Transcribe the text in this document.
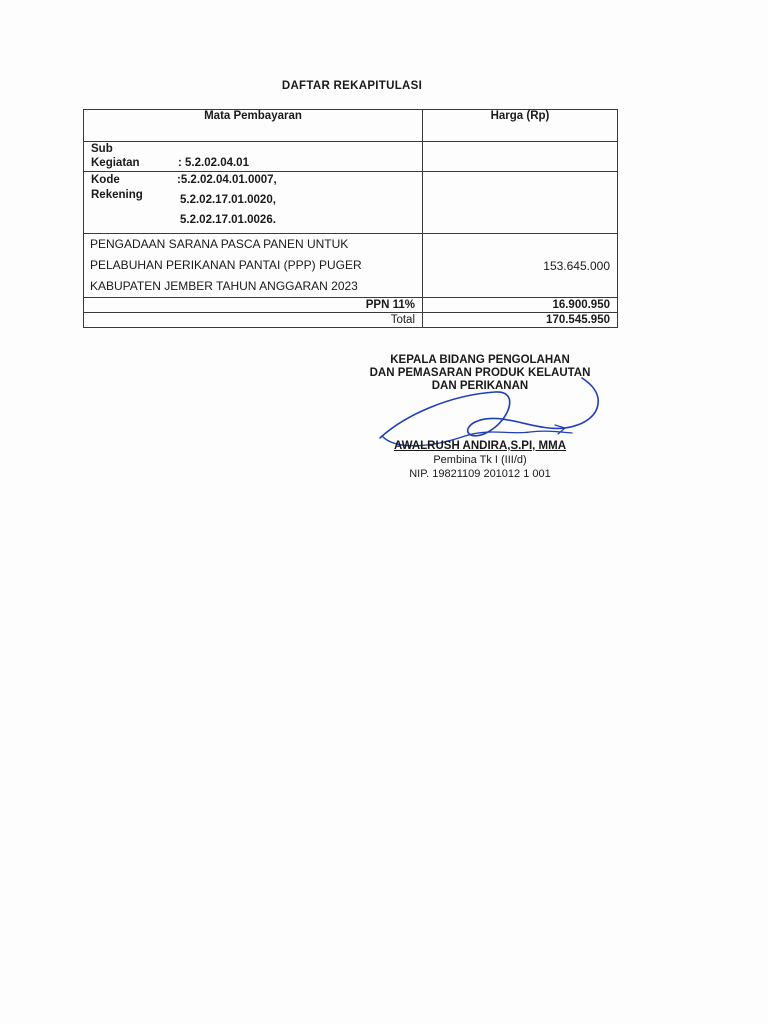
DAFTAR REKAPITULASI
Mata Pembayaran	Harga (Rp)

Sub
Kegiatan : 5.2.02.04.01	

Kode
Rekening
:5.2.02.04.01.0007,
5.2.02.17.01.0020,
5.2.02.17.01.0026.	

PENGADAAN SARANA PASCA PANEN UNTUK
PELABUHAN PERIKANAN PANTAI (PPP) PUGER
KABUPATEN JEMBER TAHUN ANGGARAN 2023	153.645.000
PPN 11%	16.900.950
Total	170.545.950
KEPALA BIDANG PENGOLAHAN
DAN PEMASARAN PRODUK KELAUTAN
DAN PERIKANAN
AWALRUSH ANDIRA,S.PI, MMA
Pembina Tk I (III/d)
NIP. 19821109 201012 1 001
